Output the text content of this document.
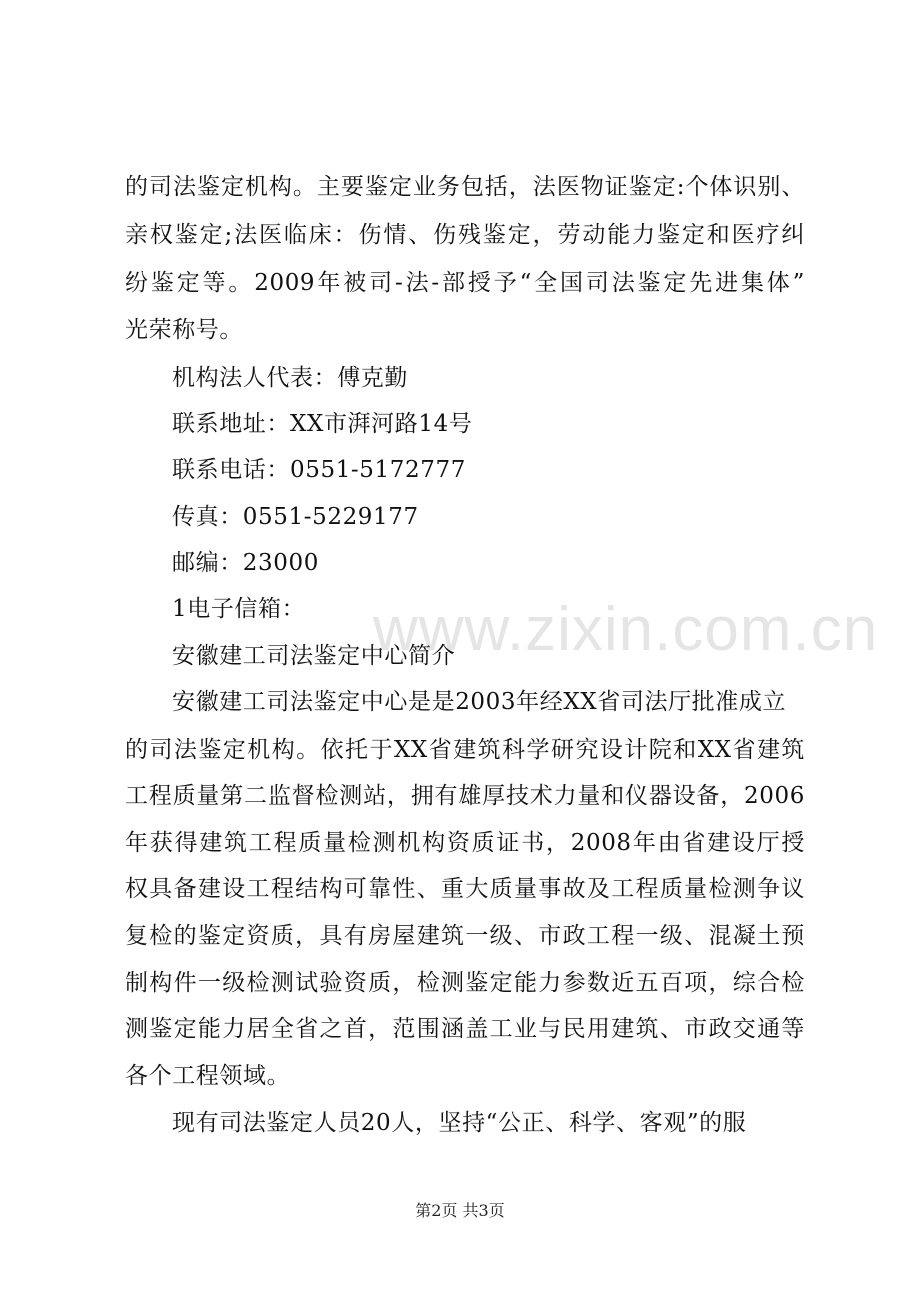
的司法鉴定机构。主要鉴定业务包括，法医物证鉴定:个体识别、
亲权鉴定;法医临床：伤情、伤残鉴定，劳动能力鉴定和医疗纠
纷鉴定等。2009年被司-法-部授予“全国司法鉴定先进集体”
光荣称号。
机构法人代表：傅克勤
联系地址：XX市湃河路14号
联系电话：0551-5172777
传真：0551-5229177
邮编：23000
1电子信箱：
安徽建工司法鉴定中心简介
安徽建工司法鉴定中心是是2003年经XX省司法厅批准成立
的司法鉴定机构。依托于XX省建筑科学研究设计院和XX省建筑
工程质量第二监督检测站，拥有雄厚技术力量和仪器设备，2006
年获得建筑工程质量检测机构资质证书，2008年由省建设厅授
权具备建设工程结构可靠性、重大质量事故及工程质量检测争议
复检的鉴定资质，具有房屋建筑一级、市政工程一级、混凝土预
制构件一级检测试验资质，检测鉴定能力参数近五百项，综合检
测鉴定能力居全省之首，范围涵盖工业与民用建筑、市政交通等
各个工程领域。
现有司法鉴定人员20人，坚持“公正、科学、客观”的服
www.zixin.com.cn
第2页 共3页
